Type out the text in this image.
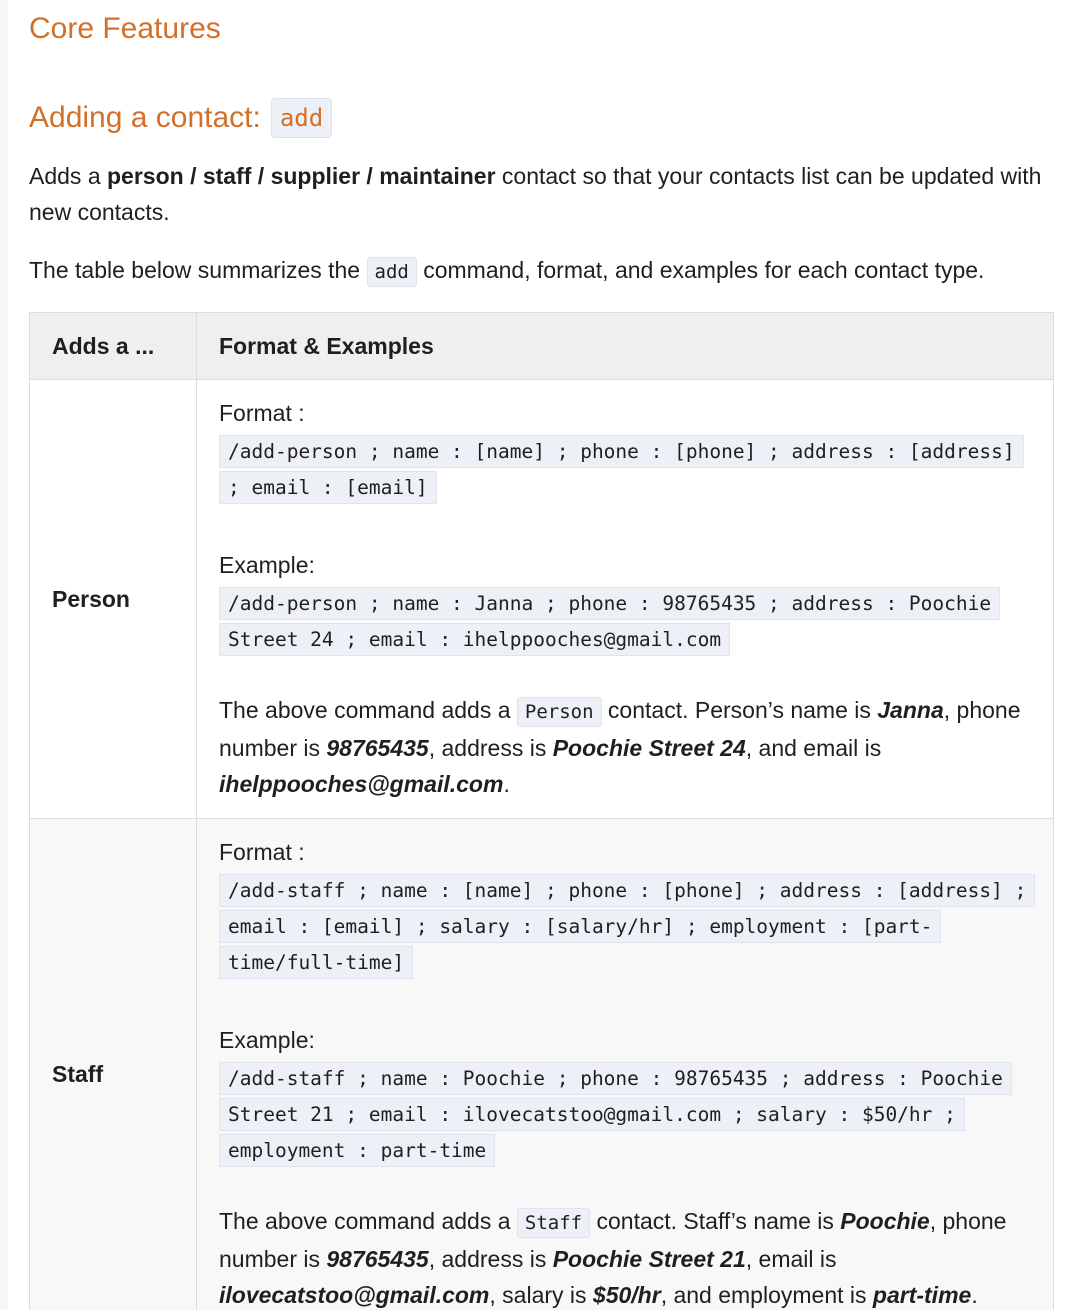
Core Features
Adding a contact: add

Adds a person / staff / supplier / maintainer contact so that your contacts list can be updated with new contacts.

The table below summarizes the add command, format, and examples for each contact type.

Adds a ...	Format & Examples
Person	Format :
/add-person ; name : [name] ; phone : [phone] ; address : [address] ; email : [email]
Example:
/add-person ; name : Janna ; phone : 98765435 ; address : Poochie Street 24 ; email : ihelppooches@gmail.com
The above command adds a Person contact. Person’s name is Janna, phone number is 98765435, address is Poochie Street 24, and email is ihelppooches@gmail.com.

Staff	Format :
/add-staff ; name : [name] ; phone : [phone] ; address : [address] ; email : [email] ; salary : [salary/hr] ; employment : [part-time/full-time]
Example:
/add-staff ; name : Poochie ; phone : 98765435 ; address : Poochie Street 21 ; email : ilovecatstoo@gmail.com ; salary : $50/hr ; employment : part-time
The above command adds a Staff contact. Staff’s name is Poochie, phone number is 98765435, address is Poochie Street 21, email is ilovecatstoo@gmail.com, salary is $50/hr, and employment is part-time.
